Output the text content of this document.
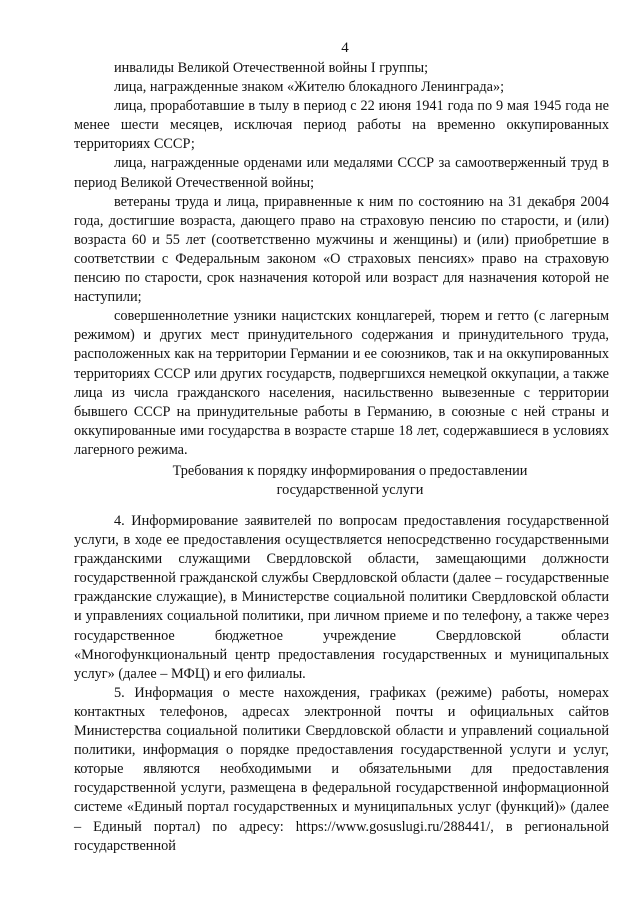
4

инвалиды Великой Отечественной войны I группы;

лица, награжденные знаком «Жителю блокадного Ленинграда»;

лица, проработавшие в тылу в период с 22 июня 1941 года по 9 мая 1945 года не менее шести месяцев, исключая период работы на временно оккупированных территориях СССР;

лица, награжденные орденами или медалями СССР за самоотверженный труд в период Великой Отечественной войны;

ветераны труда и лица, приравненные к ним по состоянию на 31 декабря 2004 года, достигшие возраста, дающего право на страховую пенсию по старости, и (или) возраста 60 и 55 лет (соответственно мужчины и женщины) и (или) приобретшие в соответствии с Федеральным законом «О страховых пенсиях» право на страховую пенсию по старости, срок назначения которой или возраст для назначения которой не наступили;

совершеннолетние узники нацистских концлагерей, тюрем и гетто (с лагерным режимом) и других мест принудительного содержания и принудительного труда, расположенных как на территории Германии и ее союзников, так и на оккупированных территориях СССР или других государств, подвергшихся немецкой оккупации, а также лица из числа гражданского населения, насильственно вывезенные с территории бывшего СССР на принудительные работы в Германию, в союзные с ней страны и оккупированные ими государства в возрасте старше 18 лет, содержавшиеся в условиях лагерного режима.

Требования к порядку информирования о предоставлении
государственной услуги

4. Информирование заявителей по вопросам предоставления государственной услуги, в ходе ее предоставления осуществляется непосредственно государственными гражданскими служащими Свердловской области, замещающими должности государственной гражданской службы Свердловской области (далее – государственные гражданские служащие), в Министерстве социальной политики Свердловской области и управлениях социальной политики, при личном приеме и по телефону, а также через государственное бюджетное учреждение Свердловской области «Многофункциональный центр предоставления государственных и муниципальных услуг» (далее – МФЦ) и его филиалы.

5. Информация о месте нахождения, графиках (режиме) работы, номерах контактных телефонов, адресах электронной почты и официальных сайтов Министерства социальной политики Свердловской области и управлений социальной политики, информация о порядке предоставления государственной услуги и услуг, которые являются необходимыми и обязательными для предоставления государственной услуги, размещена в федеральной государственной информационной системе «Единый портал государственных и муниципальных услуг (функций)» (далее – Единый портал) по адресу: https://www.gosuslugi.ru/288441/, в региональной государственной
